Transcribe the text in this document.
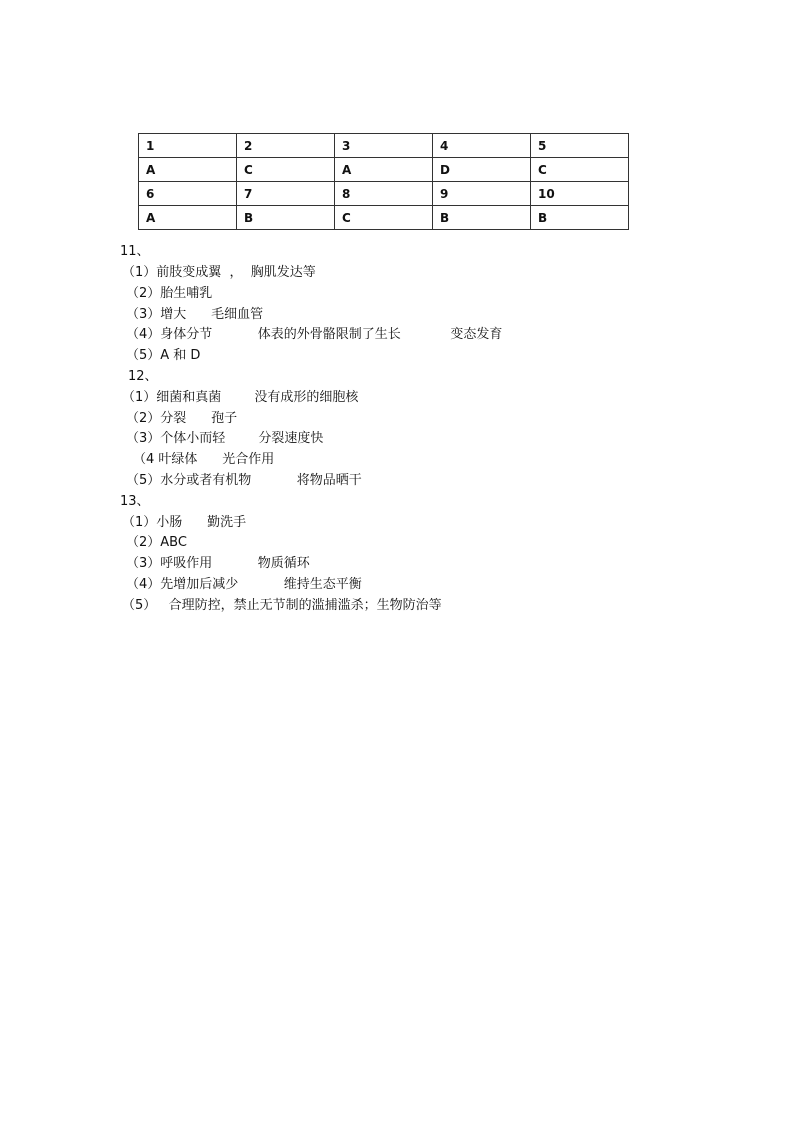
1	2	3	4	5
A	C	A	D	C
6	7	8	9	10
A	B	C	B	B
11、
（1）前肢变成翼  ，  胸肌发达等
（2）胎生哺乳
（3）增大      毛细血管
（4）身体分节           体表的外骨骼限制了生长            变态发育
（5）A 和 D
12、
（1）细菌和真菌        没有成形的细胞核
（2）分裂      孢子
（3）个体小而轻        分裂速度快
（4 叶绿体      光合作用
（5）水分或者有机物           将物品晒干
13、
（1）小肠      勤洗手
（2）ABC
（3）呼吸作用           物质循环
（4）先增加后减少           维持生态平衡
（5）   合理防控，禁止无节制的滥捕滥杀；生物防治等
